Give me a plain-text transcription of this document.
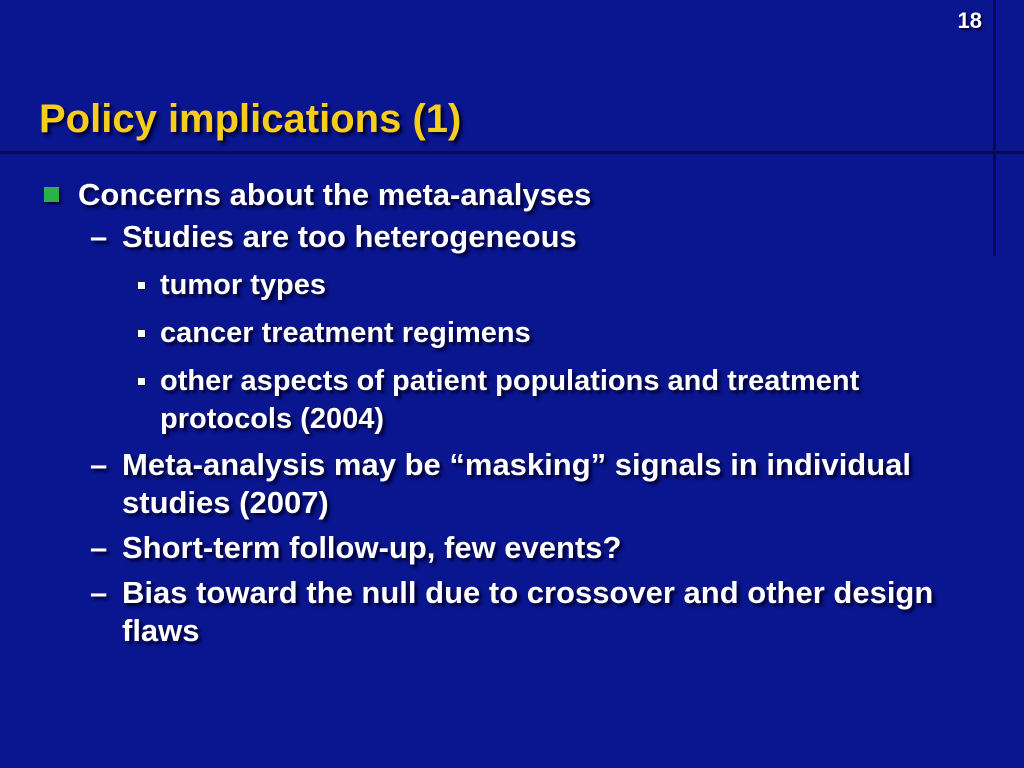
18
Policy implications (1)
Concerns about the meta-analyses
– Studies are too heterogeneous
tumor types
cancer treatment regimens
other aspects of patient populations and treatment protocols (2004)
– Meta-analysis may be “masking” signals in individual studies (2007)
– Short-term follow-up, few events?
– Bias toward the null due to crossover and other design flaws
